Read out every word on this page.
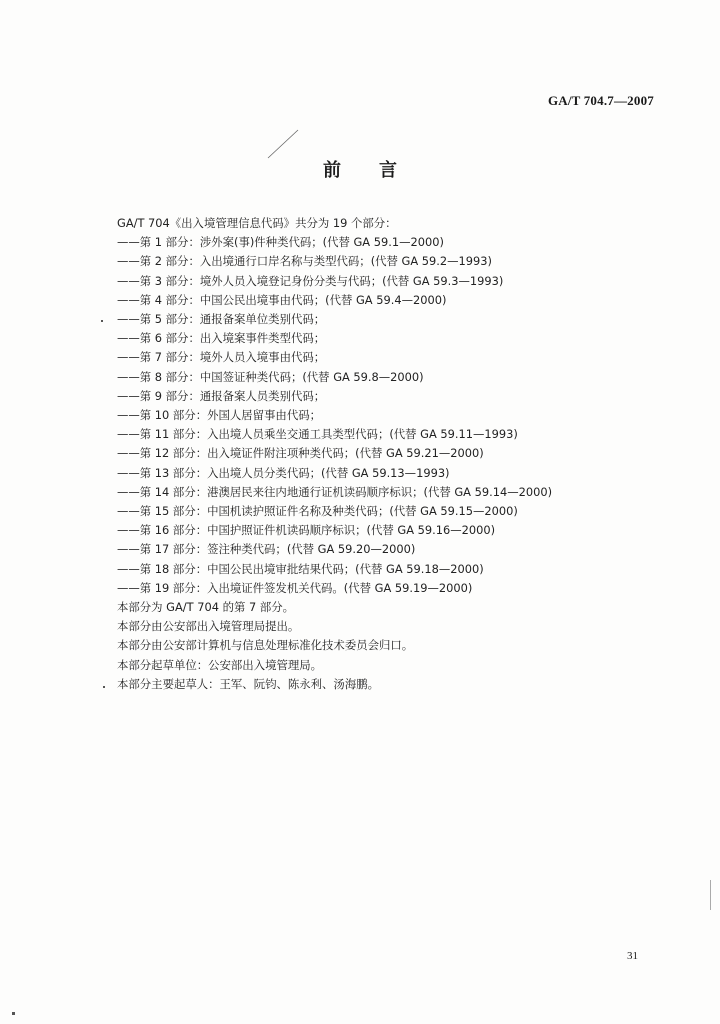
GA/T 704.7—2007
前言
GA/T 704《出入境管理信息代码》共分为 19 个部分：
——第 1 部分：涉外案(事)件种类代码；(代替 GA 59.1—2000)
——第 2 部分：入出境通行口岸名称与类型代码；(代替 GA 59.2—1993)
——第 3 部分：境外人员入境登记身份分类与代码；(代替 GA 59.3—1993)
——第 4 部分：中国公民出境事由代码；(代替 GA 59.4—2000)
——第 5 部分：通报备案单位类别代码；
——第 6 部分：出入境案事件类型代码；
——第 7 部分：境外人员入境事由代码；
——第 8 部分：中国签证种类代码；(代替 GA 59.8—2000)
——第 9 部分：通报备案人员类别代码；
——第 10 部分：外国人居留事由代码；
——第 11 部分：入出境人员乘坐交通工具类型代码；(代替 GA 59.11—1993)
——第 12 部分：出入境证件附注项种类代码；(代替 GA 59.21—2000)
——第 13 部分：入出境人员分类代码；(代替 GA 59.13—1993)
——第 14 部分：港澳居民来往内地通行证机读码顺序标识；(代替 GA 59.14—2000)
——第 15 部分：中国机读护照证件名称及种类代码；(代替 GA 59.15—2000)
——第 16 部分：中国护照证件机读码顺序标识；(代替 GA 59.16—2000)
——第 17 部分：签注种类代码；(代替 GA 59.20—2000)
——第 18 部分：中国公民出境审批结果代码；(代替 GA 59.18—2000)
——第 19 部分：入出境证件签发机关代码。(代替 GA 59.19—2000)
本部分为 GA/T 704 的第 7 部分。
本部分由公安部出入境管理局提出。
本部分由公安部计算机与信息处理标准化技术委员会归口。
本部分起草单位：公安部出入境管理局。
本部分主要起草人：王军、阮钧、陈永利、汤海鹏。
31
